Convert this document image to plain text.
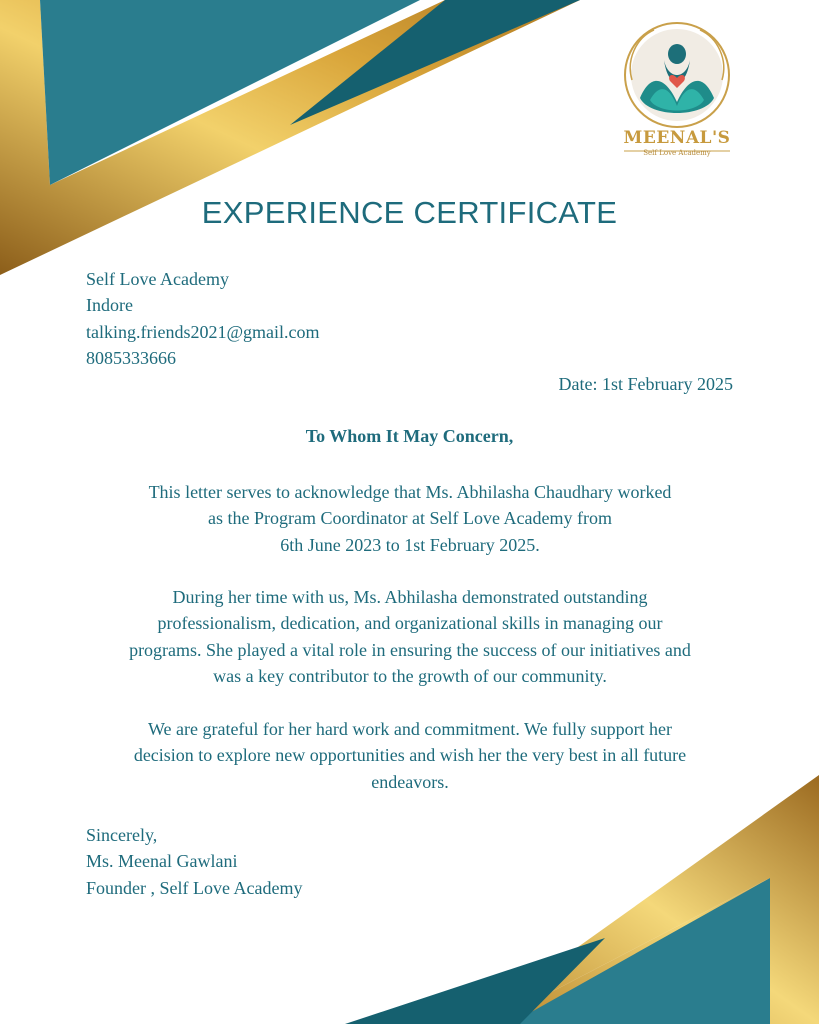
MEENAL'S
Self Love Academy
EXPERIENCE CERTIFICATE
Self Love Academy
Indore
talking.friends2021@gmail.com
8085333666
Date: 1st February 2025
To Whom It May Concern,
This letter serves to acknowledge that Ms. Abhilasha Chaudhary worked
as the Program Coordinator at Self Love Academy from
6th June 2023 to 1st February 2025.
During her time with us, Ms. Abhilasha demonstrated outstanding
professionalism, dedication, and organizational skills in managing our
programs. She played a vital role in ensuring the success of our initiatives and
was a key contributor to the growth of our community.
We are grateful for her hard work and commitment. We fully support her
decision to explore new opportunities and wish her the very best in all future
endeavors.
Sincerely,
Ms. Meenal Gawlani
Founder , Self Love Academy
